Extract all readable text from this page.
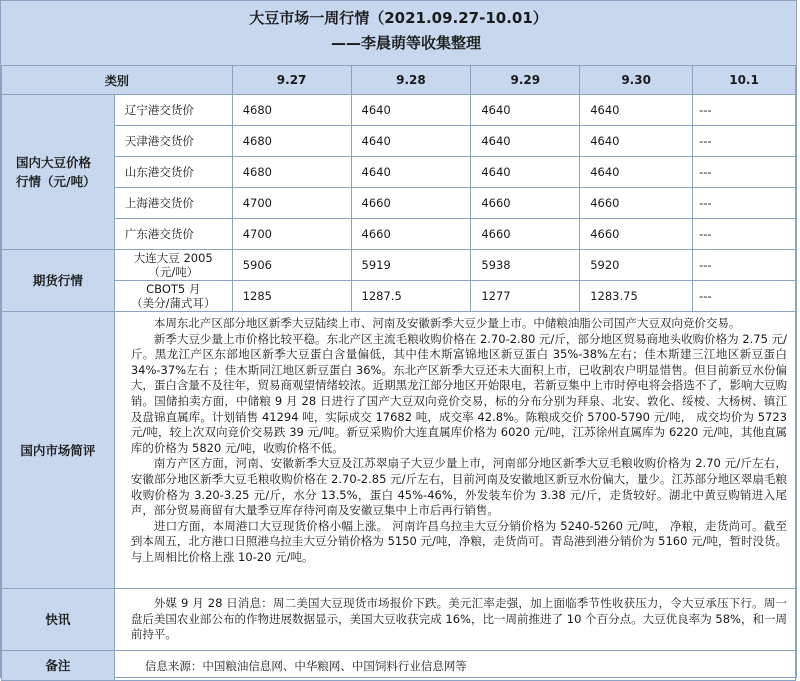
大豆市场一周行情（2021.09.27-10.01）
——李晨萌等收集整理
类别		9.27	9.28	9.29	9.30	10.1
国内大豆价格
行情（元/吨）	辽宁港交货价	4680	4640	4640	4640	---
	天津港交货价	4680	4640	4640	4640	---
	山东港交货价	4680	4640	4640	4640	---
	上海港交货价	4700	4660	4660	4660	---
	广东港交货价	4700	4660	4660	4660	---
期货行情	大连大豆 2005
（元/吨）	5906	5919	5938	5920	---
	CBOT5 月
（美分/蒲式耳）	1285	1287.5	1277	1283.75	---
国内市场简评	本周东北产区部分地区新季大豆陆续上市、河南及安徽新季大豆少量上市。中储粮油脂公司国产大豆双向竞价交易。

新季大豆少量上市价格比较平稳。东北产区主流毛粮收购价格在 2.70-2.80 元/斤，部分地区贸易商地头收购价格为 2.75 元/斤。黑龙江产区东部地区新季大豆蛋白含量偏低，其中佳木斯富锦地区新豆蛋白 35%-38%左右；佳木斯建三江地区新豆蛋白 34%-37%左右 ；佳木斯同江地区新豆蛋白 36%。东北产区新季大豆还未大面积上市，已收割农户明显惜售。但目前新豆水份偏大，蛋白含量不及往年，贸易商观望情绪较浓。近期黑龙江部分地区开始限电，若新豆集中上市时停电将会搭选不了，影响大豆购销。国储拍卖方面，中储粮 9 月 28 日进行了国产大豆双向竞价交易，标的分布分别为拜泉、北安、敦化、绥棱、大杨树、镇江及盘锦直属库。计划销售 41294 吨，实际成交 17682 吨，成交率 42.8%。陈粮成交价 5700-5790 元/吨， 成交均价为 5723 元/吨，较上次双向竞价交易跌 39 元/吨。新豆采购价大连直属库价格为 6020 元/吨，江苏徐州直属库为 6220 元/吨，其他直属库的价格为 5820 元/吨，收购价格不低。

南方产区方面，河南、安徽新季大豆及江苏翠扇子大豆少量上市，河南部分地区新季大豆毛粮收购价格为 2.70 元/斤左右，安徽部分地区新季大豆毛粮收购价格在 2.70-2.85 元/斤左右，目前河南及安徽地区新豆水份偏大，量少。江苏部分地区翠扇毛粮收购价格为 3.20-3.25 元/斤，水分 13.5%，蛋白 45%-46%，外发装车价为 3.38 元/斤，走货较好。湖北中黄豆购销进入尾声，部分贸易商留有大量季豆库存待河南及安徽豆集中上市后再行销售。

进口方面，本周港口大豆现货价格小幅上涨。 河南许昌乌拉圭大豆分销价格为 5240-5260 元/吨， 净粮，走货尚可。截至到本周五，北方港口日照港乌拉圭大豆分销价格为 5150 元/吨，净粮，走货尚可。青岛港到港分销价为 5160 元/吨，暂时没货。 与上周相比价格上涨 10-20 元/吨。					

快讯	外媒 9 月 28 日消息：周二美国大豆现货市场报价下跌。美元汇率走强，加上面临季节性收获压力，令大豆承压下行。周一盘后美国农业部公布的作物进展数据显示，美国大豆收获完成 16%，比一周前推进了 10 个百分点。大豆优良率为 58%，和一周前持平。					

备注	信息来源：中国粮油信息网、中华粮网、中国饲料行业信息网等					
